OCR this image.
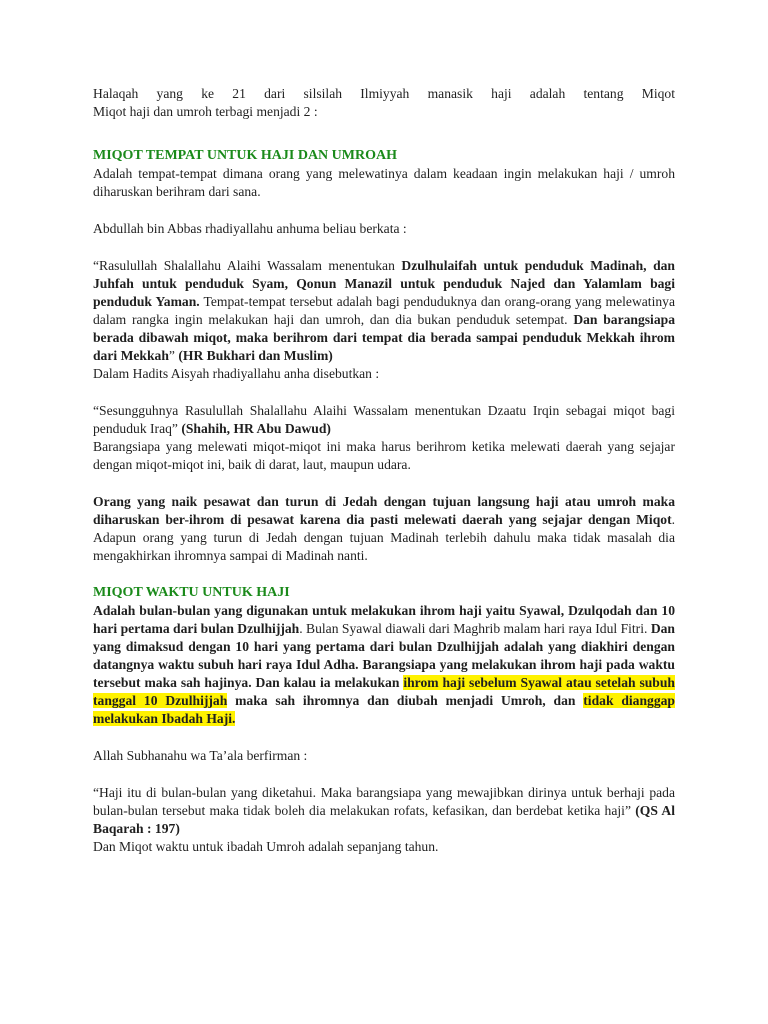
Halaqah yang ke 21 dari silsilah Ilmiyyah manasik haji adalah tentang Miqot

Miqot haji dan umroh terbagi menjadi 2 :

MIQOT TEMPAT UNTUK HAJI DAN UMROAH

Adalah tempat-tempat dimana orang yang melewatinya dalam keadaan ingin melakukan haji / umroh diharuskan berihram dari sana.

Abdullah bin Abbas rhadiyallahu anhuma beliau berkata :

“Rasulullah Shalallahu Alaihi Wassalam menentukan Dzulhulaifah untuk penduduk Madinah, dan Juhfah untuk penduduk Syam, Qonun Manazil untuk penduduk Najed dan Yalamlam bagi penduduk Yaman. Tempat-tempat tersebut adalah bagi penduduknya dan orang-orang yang melewatinya dalam rangka ingin melakukan haji dan umroh, dan dia bukan penduduk setempat. Dan barangsiapa berada dibawah miqot, maka berihrom dari tempat dia berada sampai penduduk Mekkah ihrom dari Mekkah” (HR Bukhari dan Muslim)

Dalam Hadits Aisyah rhadiyallahu anha disebutkan :

“Sesungguhnya Rasulullah Shalallahu Alaihi Wassalam menentukan Dzaatu Irqin sebagai miqot bagi penduduk Iraq” (Shahih, HR Abu Dawud)

Barangsiapa yang melewati miqot-miqot ini maka harus berihrom ketika melewati daerah yang sejajar dengan miqot-miqot ini, baik di darat, laut, maupun udara.

Orang yang naik pesawat dan turun di Jedah dengan tujuan langsung haji atau umroh maka diharuskan ber-ihrom di pesawat karena dia pasti melewati daerah yang sejajar dengan Miqot. Adapun orang yang turun di Jedah dengan tujuan Madinah terlebih dahulu maka tidak masalah dia mengakhirkan ihromnya sampai di Madinah nanti.

MIQOT WAKTU UNTUK HAJI

Adalah bulan-bulan yang digunakan untuk melakukan ihrom haji yaitu Syawal, Dzulqodah dan 10 hari pertama dari bulan Dzulhijjah. Bulan Syawal diawali dari Maghrib malam hari raya Idul Fitri. Dan yang dimaksud dengan 10 hari yang pertama dari bulan Dzulhijjah adalah yang diakhiri dengan datangnya waktu subuh hari raya Idul Adha. Barangsiapa yang melakukan ihrom haji pada waktu tersebut maka sah hajinya. Dan kalau ia melakukan ihrom haji sebelum Syawal atau setelah subuh tanggal 10 Dzulhijjah maka sah ihromnya dan diubah menjadi Umroh, dan tidak dianggap melakukan Ibadah Haji.

Allah Subhanahu wa Ta’ala berfirman :

“Haji itu di bulan-bulan yang diketahui. Maka barangsiapa yang mewajibkan dirinya untuk berhaji pada bulan-bulan tersebut maka tidak boleh dia melakukan rofats, kefasikan, dan berdebat ketika haji” (QS Al Baqarah : 197)

Dan Miqot waktu untuk ibadah Umroh adalah sepanjang tahun.
